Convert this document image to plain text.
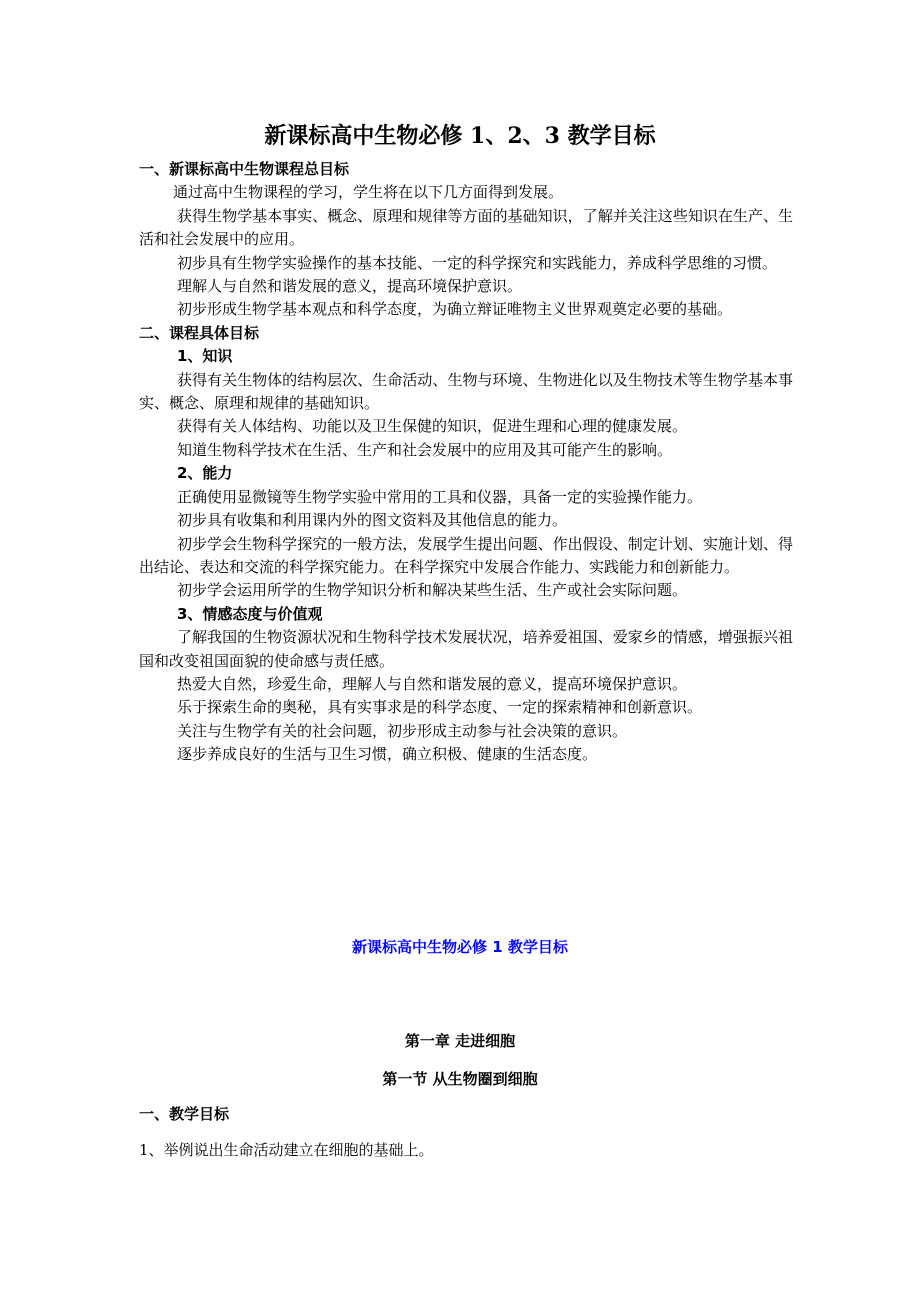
新课标高中生物必修 1、2、3 教学目标

一、新课标高中生物课程总目标

通过高中生物课程的学习，学生将在以下几方面得到发展。

获得生物学基本事实、概念、原理和规律等方面的基础知识，了解并关注这些知识在生产、生活和社会发展中的应用。

初步具有生物学实验操作的基本技能、一定的科学探究和实践能力，养成科学思维的习惯。

理解人与自然和谐发展的意义，提高环境保护意识。

初步形成生物学基本观点和科学态度，为确立辩证唯物主义世界观奠定必要的基础。

二、课程具体目标

1、知识

获得有关生物体的结构层次、生命活动、生物与环境、生物进化以及生物技术等生物学基本事实、概念、原理和规律的基础知识。

获得有关人体结构、功能以及卫生保健的知识，促进生理和心理的健康发展。

知道生物科学技术在生活、生产和社会发展中的应用及其可能产生的影响。

2、能力

正确使用显微镜等生物学实验中常用的工具和仪器，具备一定的实验操作能力。

初步具有收集和利用课内外的图文资料及其他信息的能力。

初步学会生物科学探究的一般方法，发展学生提出问题、作出假设、制定计划、实施计划、得出结论、表达和交流的科学探究能力。在科学探究中发展合作能力、实践能力和创新能力。

初步学会运用所学的生物学知识分析和解决某些生活、生产或社会实际问题。

3、情感态度与价值观

了解我国的生物资源状况和生物科学技术发展状况，培养爱祖国、爱家乡的情感，增强振兴祖国和改变祖国面貌的使命感与责任感。

热爱大自然，珍爱生命，理解人与自然和谐发展的意义，提高环境保护意识。

乐于探索生命的奥秘，具有实事求是的科学态度、一定的探索精神和创新意识。

关注与生物学有关的社会问题，初步形成主动参与社会决策的意识。

逐步养成良好的生活与卫生习惯，确立积极、健康的生活态度。

新课标高中生物必修 1 教学目标
第一章 走进细胞
第一节 从生物圈到细胞
一、教学目标
1、举例说出生命活动建立在细胞的基础上。
